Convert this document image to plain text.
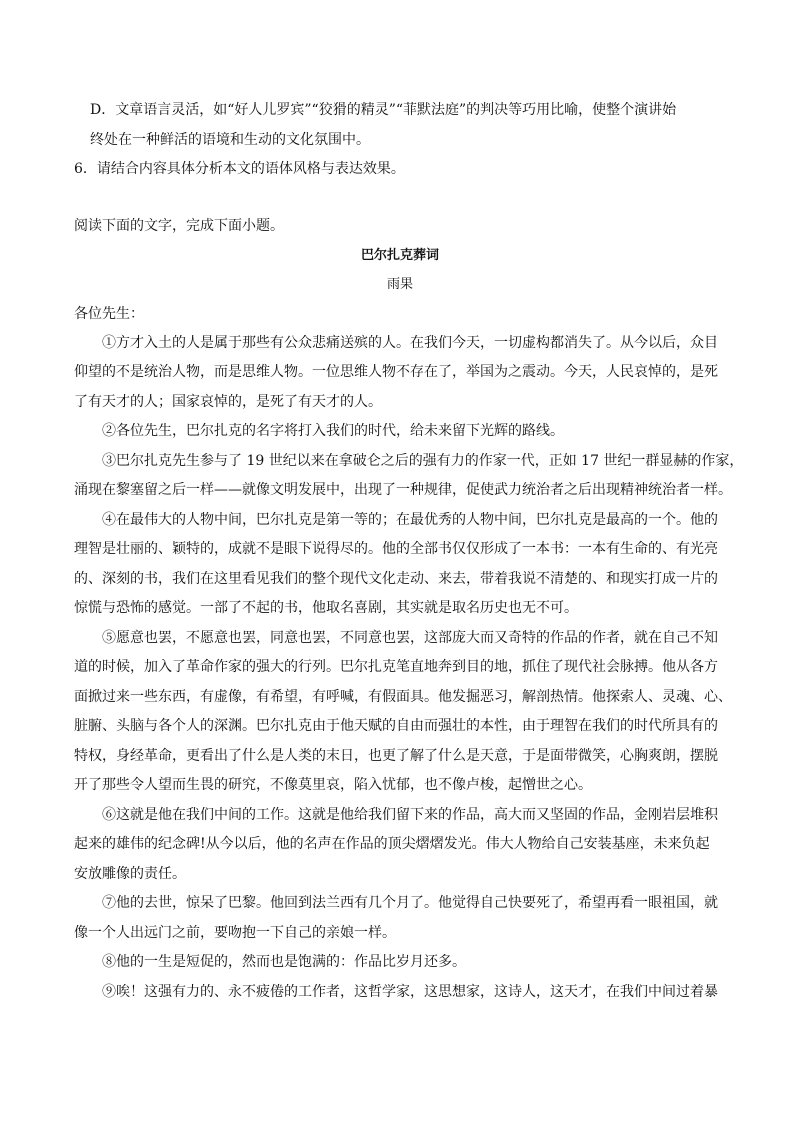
D．文章语言灵活，如“好人儿罗宾”“狡猾的精灵”“菲默法庭”的判决等巧用比喻，使整个演讲始
终处在一种鲜活的语境和生动的文化氛围中。
6．请结合内容具体分析本文的语体风格与表达效果。
阅读下面的文字，完成下面小题。
巴尔扎克葬词
雨果
各位先生：
①方才入土的人是属于那些有公众悲痛送殡的人。在我们今天，一切虚构都消失了。从今以后，众目
仰望的不是统治人物，而是思维人物。一位思维人物不存在了，举国为之震动。今天，人民哀悼的，是死
了有天才的人；国家哀悼的，是死了有天才的人。
②各位先生，巴尔扎克的名字将打入我们的时代，给未来留下光辉的路线。
③巴尔扎克先生参与了 19 世纪以来在拿破仑之后的强有力的作家一代，正如 17 世纪一群显赫的作家，
涌现在黎塞留之后一样——就像文明发展中，出现了一种规律，促使武力统治者之后出现精神统治者一样。
④在最伟大的人物中间，巴尔扎克是第一等的；在最优秀的人物中间，巴尔扎克是最高的一个。他的
理智是壮丽的、颖特的，成就不是眼下说得尽的。他的全部书仅仅形成了一本书：一本有生命的、有光亮
的、深刻的书，我们在这里看见我们的整个现代文化走动、来去，带着我说不清楚的、和现实打成一片的
惊慌与恐怖的感觉。一部了不起的书，他取名喜剧，其实就是取名历史也无不可。
⑤愿意也罢，不愿意也罢，同意也罢，不同意也罢，这部庞大而又奇特的作品的作者，就在自己不知
道的时候，加入了革命作家的强大的行列。巴尔扎克笔直地奔到目的地，抓住了现代社会脉搏。他从各方
面掀过来一些东西，有虚像，有希望，有呼喊，有假面具。他发掘恶习，解剖热情。他探索人、灵魂、心、
脏腑、头脑与各个人的深渊。巴尔扎克由于他天赋的自由而强壮的本性，由于理智在我们的时代所具有的
特权，身经革命，更看出了什么是人类的末日，也更了解了什么是天意，于是面带微笑，心胸爽朗，摆脱
开了那些令人望而生畏的研究，不像莫里哀，陷入忧郁，也不像卢梭，起憎世之心。
⑥这就是他在我们中间的工作。这就是他给我们留下来的作品，高大而又坚固的作品，金刚岩层堆积
起来的雄伟的纪念碑!从今以后，他的名声在作品的顶尖熠熠发光。伟大人物给自己安装基座，未来负起
安放雕像的责任。
⑦他的去世，惊呆了巴黎。他回到法兰西有几个月了。他觉得自己快要死了，希望再看一眼祖国，就
像一个人出远门之前，要吻抱一下自己的亲娘一样。
⑧他的一生是短促的，然而也是饱满的：作品比岁月还多。
⑨唉！这强有力的、永不疲倦的工作者，这哲学家，这思想家，这诗人，这天才，在我们中间过着暴
